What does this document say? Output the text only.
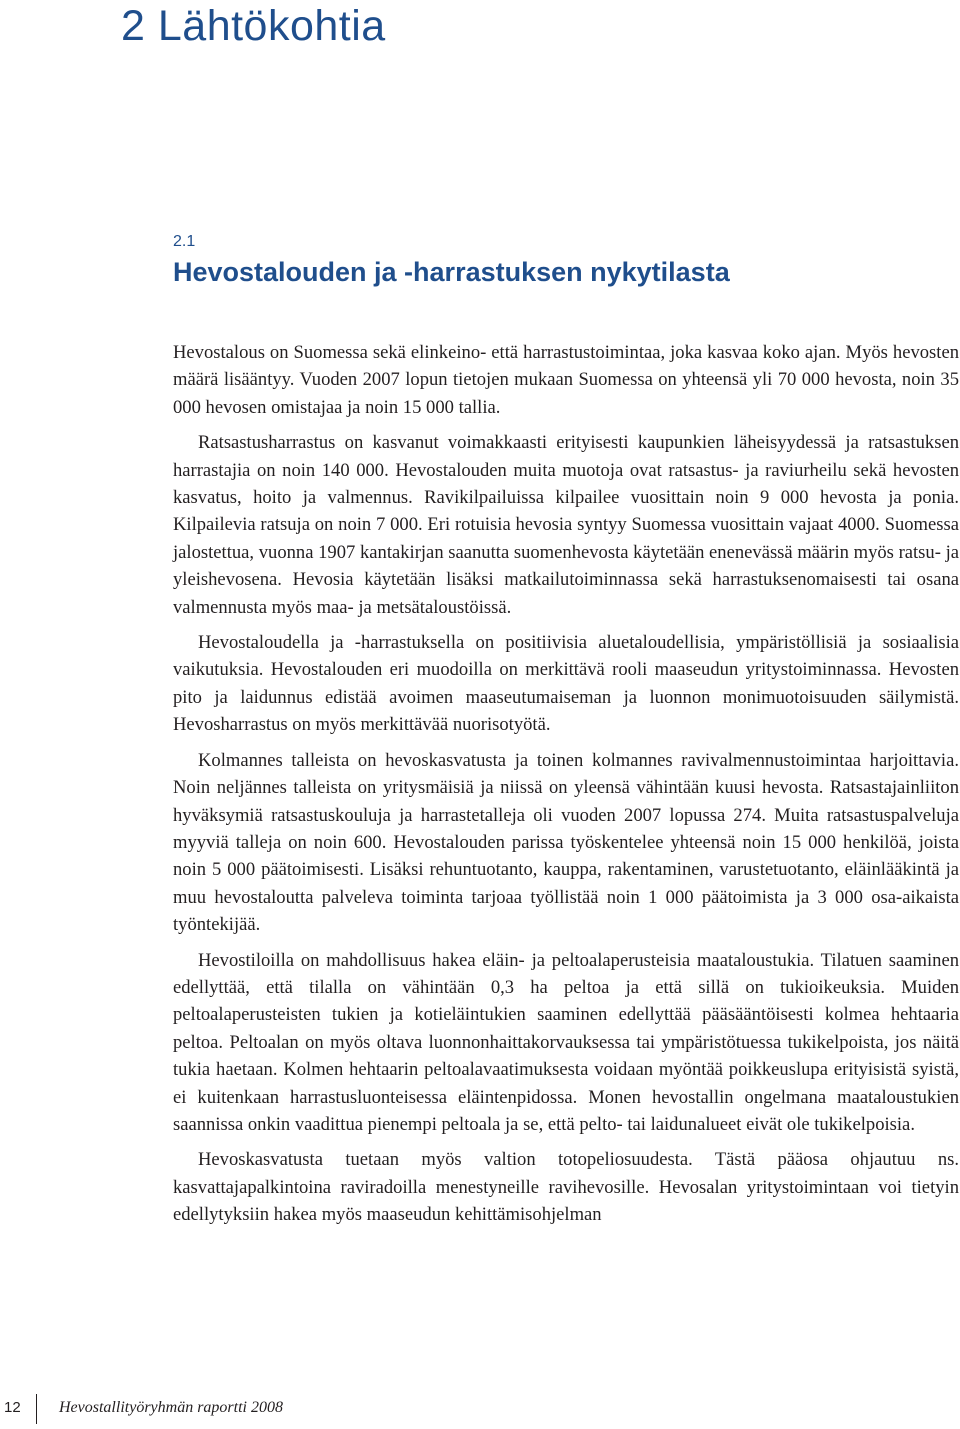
2 Lähtökohtia
2.1
Hevostalouden ja -harrastuksen nykytilasta

Hevostalous on Suomessa sekä elinkeino- että harrastustoimintaa, joka kasvaa koko ajan. Myös hevosten määrä lisääntyy. Vuoden 2007 lopun tietojen mukaan Suomessa on yhteensä yli 70 000 hevosta, noin 35 000 hevosen omistajaa ja noin 15 000 tallia.

Ratsastusharrastus on kasvanut voimakkaasti erityisesti kaupunkien läheisyydessä ja ratsastuksen harrastajia on noin 140 000. Hevostalouden muita muotoja ovat ratsastus- ja raviurheilu sekä hevosten kasvatus, hoito ja valmennus. Ravikilpailuissa kilpailee vuosittain noin 9 000 hevosta ja ponia. Kilpailevia ratsuja on noin 7 000. Eri rotuisia hevosia syntyy Suomessa vuosittain vajaat 4000. Suomessa jalostettua, vuonna 1907 kantakirjan saanutta suomenhevosta käytetään enenevässä määrin myös ratsu- ja yleishevosena. Hevosia käytetään lisäksi matkailutoiminnassa sekä harrastuksenomaisesti tai osana valmennusta myös maa- ja metsätaloustöissä.

Hevostaloudella ja -harrastuksella on positiivisia aluetaloudellisia, ympäristöllisiä ja sosiaalisia vaikutuksia. Hevostalouden eri muodoilla on merkittävä rooli maaseudun yritystoiminnassa. Hevosten pito ja laidunnus edistää avoimen maaseutumaiseman ja luonnon monimuotoisuuden säilymistä. Hevosharrastus on myös merkittävää nuorisotyötä.

Kolmannes talleista on hevoskasvatusta ja toinen kolmannes ravivalmennustoimintaa harjoittavia. Noin neljännes talleista on yritysmäisiä ja niissä on yleensä vähintään kuusi hevosta. Ratsastajainliiton hyväksymiä ratsastuskouluja ja harrastetalleja oli vuoden 2007 lopussa 274. Muita ratsastuspalveluja myyviä talleja on noin 600. Hevostalouden parissa työskentelee yhteensä noin 15 000 henkilöä, joista noin 5 000 päätoimisesti. Lisäksi rehuntuotanto, kauppa, rakentaminen, varustetuotanto, eläinlääkintä ja muu hevostaloutta palveleva toiminta tarjoaa työllistää noin 1 000 päätoimista ja 3 000 osa-aikaista työntekijää.

Hevostiloilla on mahdollisuus hakea eläin- ja peltoalaperusteisia maataloustukia. Tilatuen saaminen edellyttää, että tilalla on vähintään 0,3 ha peltoa ja että sillä on tukioikeuksia. Muiden peltoalaperusteisten tukien ja kotieläintukien saaminen edellyttää pääsääntöisesti kolmea hehtaaria peltoa. Peltoalan on myös oltava luonnonhaittakorvauksessa tai ympäristötuessa tukikelpoista, jos näitä tukia haetaan. Kolmen hehtaarin peltoalavaatimuksesta voidaan myöntää poikkeuslupa erityisistä syistä, ei kuitenkaan harrastusluonteisessa eläintenpidossa. Monen hevostallin ongelmana maataloustukien saannissa onkin vaadittua pienempi peltoala ja se, että pelto- tai laidunalueet eivät ole tukikelpoisia.

Hevoskasvatusta tuetaan myös valtion totopeliosuudesta. Tästä pääosa ohjautuu ns. kasvattajapalkintoina raviradoilla menestyneille ravihevosille. Hevosalan yritystoimintaan voi tietyin edellytyksiin hakea myös maaseudun kehittämisohjelman

12 Hevostallityöryhmän raportti 2008
